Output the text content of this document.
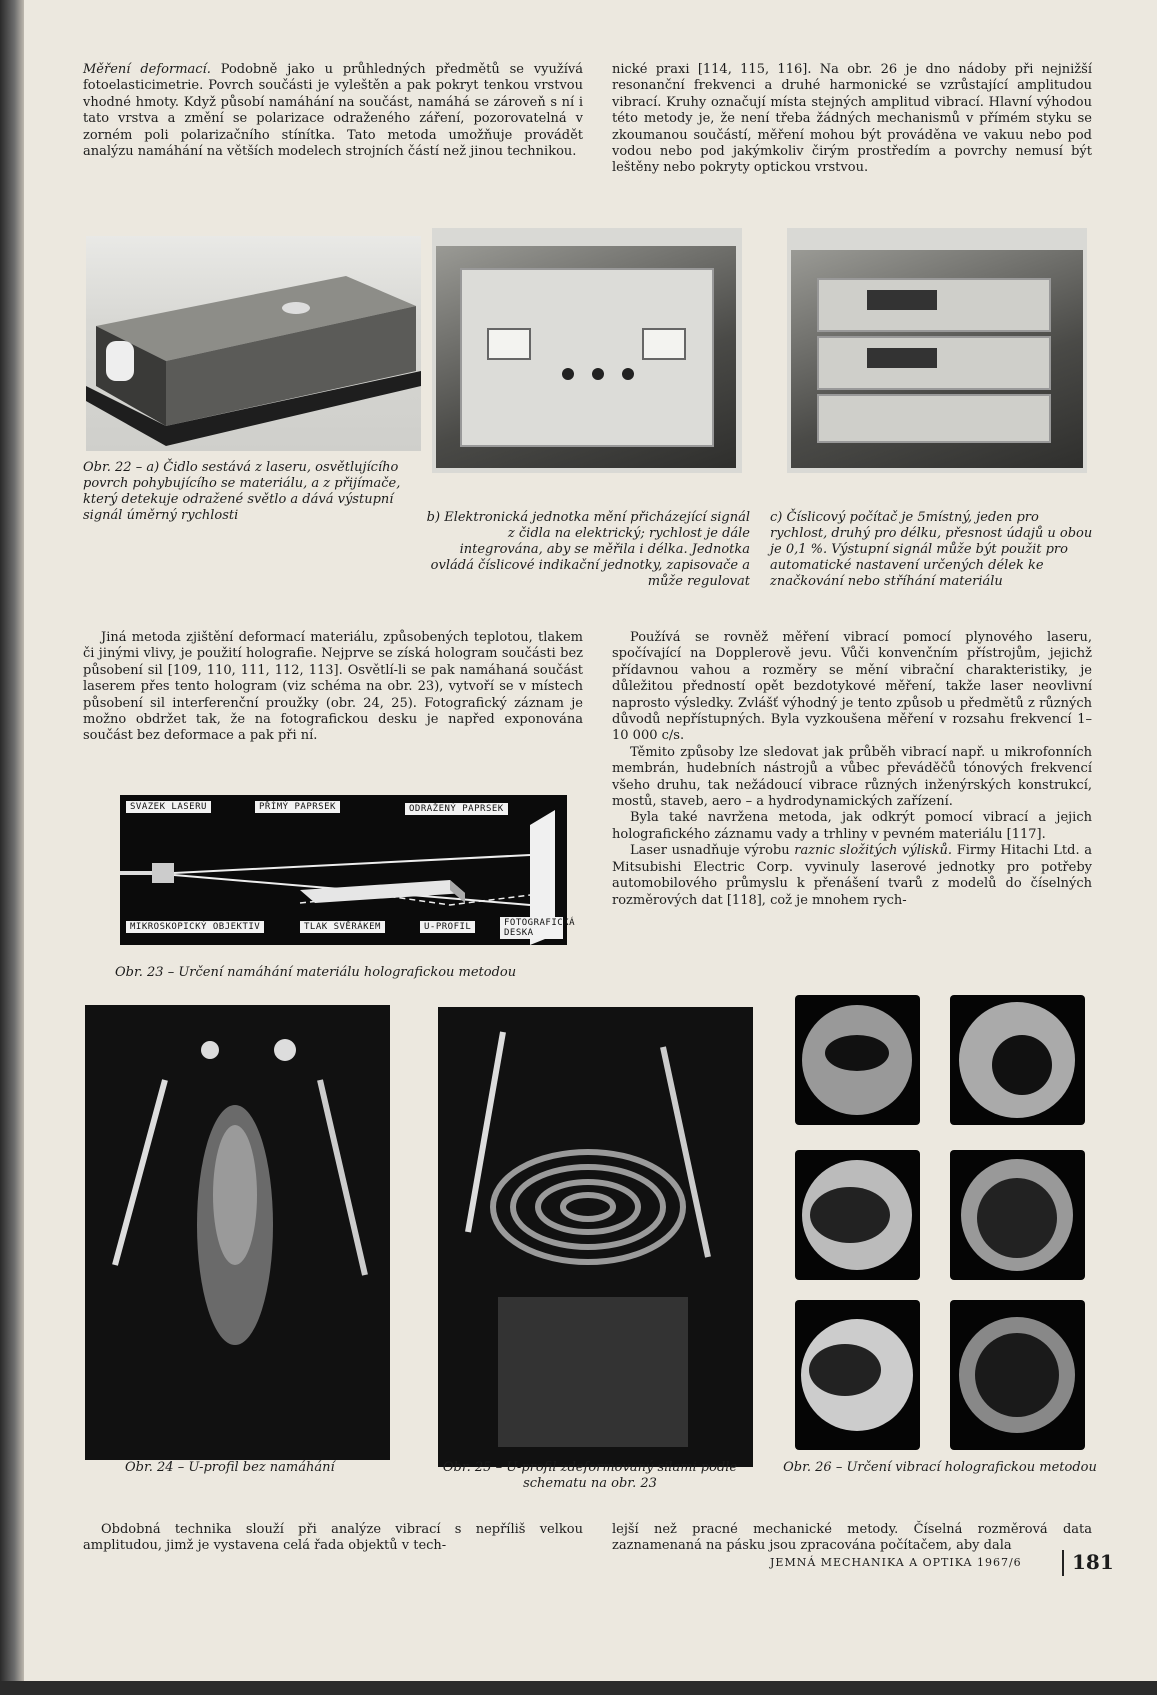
Měření deformací. Podobně jako u průhledných předmětů se využívá fotoelasticimetrie. Povrch součásti je vyleštěn a pak pokryt tenkou vrstvou vhodné hmoty. Když působí namáhání na součást, namáhá se zároveň s ní i tato vrstva a změní se polarizace odraženého záření, pozorovatelná v zorném poli polarizačního stínítka. Tato metoda umožňuje provádět analýzu namáhání na větších modelech strojních částí než jinou technikou.

nické praxi [114, 115, 116]. Na obr. 26 je dno nádoby při nejnižší resonanční frekvenci a druhé harmonické se vzrůstající amplitudou vibrací. Kruhy označují místa stejných amplitud vibrací. Hlavní výhodou této metody je, že není třeba žádných mechanismů v přímém styku se zkoumanou součástí, měření mohou být prováděna ve vakuu nebo pod vodou nebo pod jakýmkoliv čirým prostředím a povrchy nemusí být leštěny nebo pokryty optickou vrstvou.

Obr. 22 – a) Čidlo sestává z laseru, osvětlujícího povrch pohybujícího se materiálu, a z přijímače, který detekuje odražené světlo a dává výstupní signál úměrný rychlosti	b) Elektronická jednotka mění přicházející signál z čidla na elektrický; rychlost je dále integrována, aby se měřila i délka. Jednotka ovládá číslicové indikační jednotky, zapisovače a může regulovat
c) Číslicový počítač je 5místný, jeden pro rychlost, druhý pro délku, přesnost údajů u obou je 0,1 %. Výstupní signál může být použit pro automatické nastavení určených délek ke značkování nebo stříhání materiálu

Jiná metoda zjištění deformací materiálu, způsobených teplotou, tlakem či jinými vlivy, je použití holografie. Nejprve se získá hologram součásti bez působení sil [109, 110, 111, 112, 113]. Osvětlí-li se pak namáhaná součást laserem přes tento hologram (viz schéma na obr. 23), vytvoří se v místech působení sil interferenční proužky (obr. 24, 25). Fotografický záznam je možno obdržet tak, že na fotografickou desku je napřed exponována součást bez deformace a pak při ní.

SVAZEK LASERU	PŘÍMÝ PAPRSEK	ODRAŽENÝ PAPRSEK
MIKROSKOPICKÝ OBJEKTIV	TLAK SVĚRÁKEM	U-PROFIL	FOTOGRAFICKÁ DESKA
Obr. 23 – Určení namáhání materiálu holografickou metodou

Používá se rovněž měření vibrací pomocí plynového laseru, spočívající na Dopplerově jevu. Vůči konvenčním přístrojům, jejichž přídavnou vahou a rozměry se mění vibrační charakteristiky, je důležitou předností opět bezdotykové měření, takže laser neovlivní naprosto výsledky. Zvlášť výhodný je tento způsob u předmětů z různých důvodů nepřístupných. Byla vyzkoušena měření v rozsahu frekvencí 1–10 000 c/s.

Těmito způsoby lze sledovat jak průběh vibrací např. u mikrofonních membrán, hudebních nástrojů a vůbec převáděčů tónových frekvencí všeho druhu, tak nežádoucí vibrace různých inženýrských konstrukcí, mostů, staveb, aero – a hydrodynamických zařízení.

Byla také navržena metoda, jak odkrýt pomocí vibrací a jejich holografického záznamu vady a trhliny v pevném materiálu [117].

Laser usnadňuje výrobu raznic složitých výlisků. Firmy Hitachi Ltd. a Mitsubishi Electric Corp. vyvinuly laserové jednotky pro potřeby automobilového průmyslu k přenášení tvarů z modelů do číselných rozměrových dat [118], což je mnohem rych-

Obr. 24 – U-profil bez namáhání	Obr. 25 – U-profil zdeformovaný silami podle schematu na obr. 23
Obr. 26 – Určení vibrací holografickou metodou

Obdobná technika slouží při analýze vibrací s nepříliš velkou amplitudou, jimž je vystavena celá řada objektů v tech-

lejší než pracné mechanické metody. Číselná rozměrová data zaznamenaná na pásku jsou zpracována počítačem, aby dala

JEMNÁ MECHANIKA A OPTIKA 1967/6	181
